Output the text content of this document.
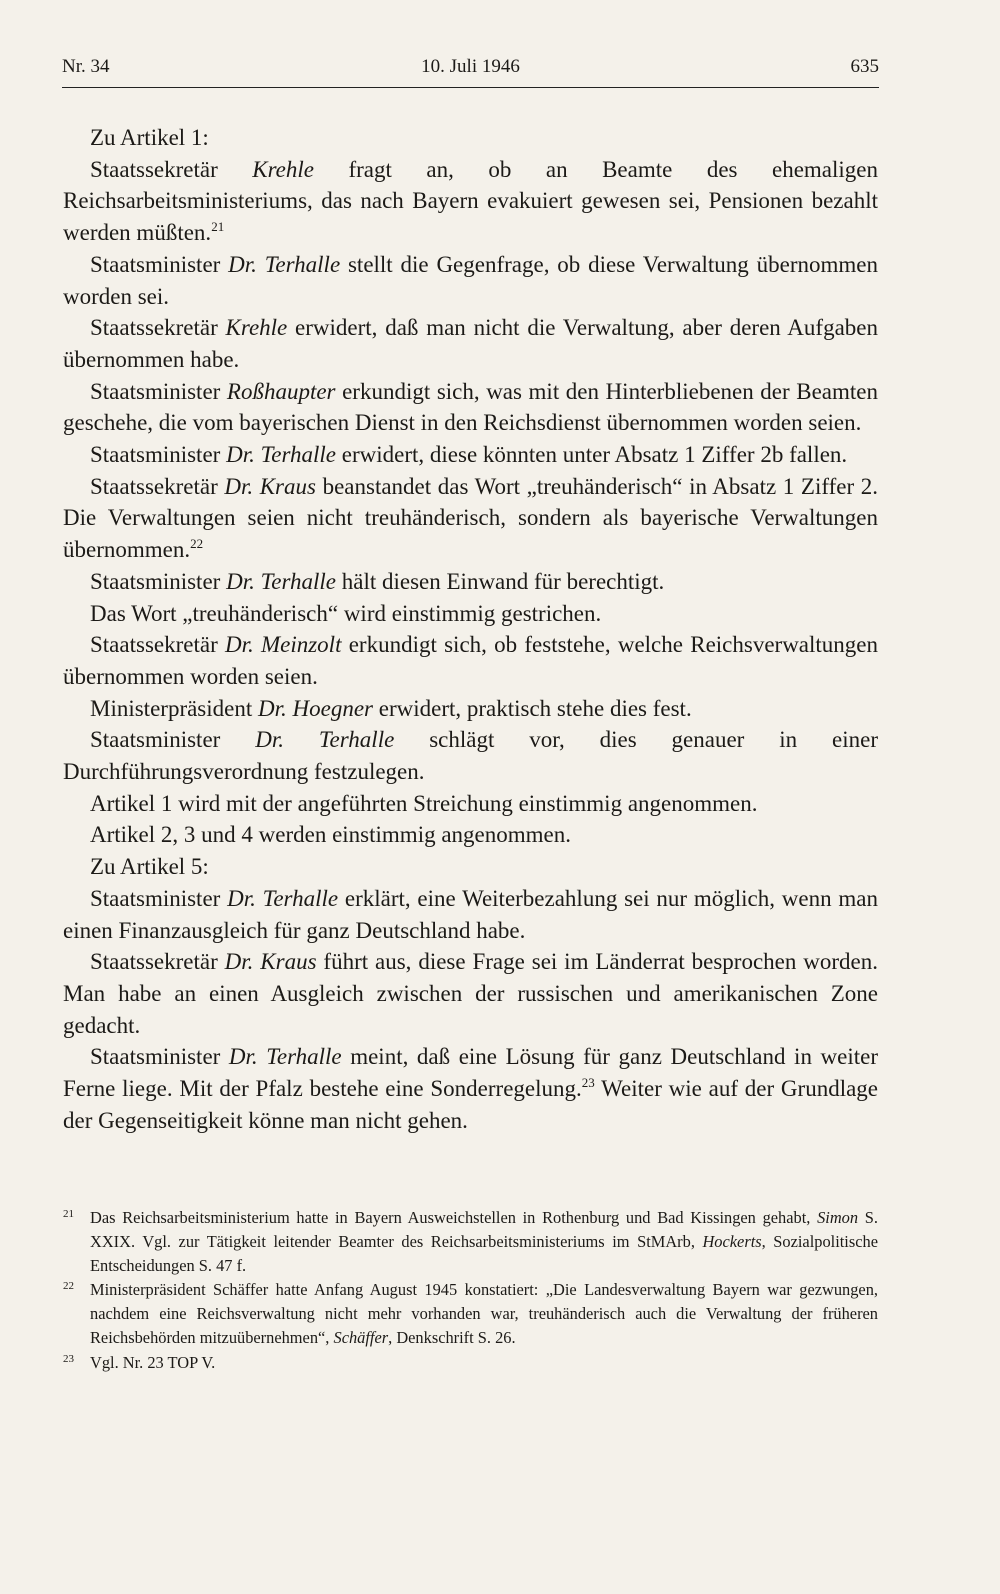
Nr. 34	10. Juli 1946	635

Zu Artikel 1:

Staatssekretär Krehle fragt an, ob an Beamte des ehemaligen Reichsarbeitsministeriums, das nach Bayern evakuiert gewesen sei, Pensionen bezahlt werden müßten.$^{21}$

Staatsminister Dr. Terhalle stellt die Gegenfrage, ob diese Verwaltung übernommen worden sei.

Staatssekretär Krehle erwidert, daß man nicht die Verwaltung, aber deren Aufgaben übernommen habe.

Staatsminister Roßhaupter erkundigt sich, was mit den Hinterbliebenen der Beamten geschehe, die vom bayerischen Dienst in den Reichsdienst übernommen worden seien.

Staatsminister Dr. Terhalle erwidert, diese könnten unter Absatz 1 Ziffer 2b fallen.

Staatssekretär Dr. Kraus beanstandet das Wort „treuhänderisch“ in Absatz 1 Ziffer 2. Die Verwaltungen seien nicht treuhänderisch, sondern als bayerische Verwaltungen übernommen.$^{22}$

Staatsminister Dr. Terhalle hält diesen Einwand für berechtigt.

Das Wort „treuhänderisch“ wird einstimmig gestrichen.

Staatssekretär Dr. Meinzolt erkundigt sich, ob feststehe, welche Reichsverwaltungen übernommen worden seien.

Ministerpräsident Dr. Hoegner erwidert, praktisch stehe dies fest.

Staatsminister Dr. Terhalle schlägt vor, dies genauer in einer Durchführungsverordnung festzulegen.

Artikel 1 wird mit der angeführten Streichung einstimmig angenommen.

Artikel 2, 3 und 4 werden einstimmig angenommen.

Zu Artikel 5:

Staatsminister Dr. Terhalle erklärt, eine Weiterbezahlung sei nur möglich, wenn man einen Finanzausgleich für ganz Deutschland habe.

Staatssekretär Dr. Kraus führt aus, diese Frage sei im Länderrat besprochen worden. Man habe an einen Ausgleich zwischen der russischen und amerikanischen Zone gedacht.

Staatsminister Dr. Terhalle meint, daß eine Lösung für ganz Deutschland in weiter Ferne liege. Mit der Pfalz bestehe eine Sonderregelung.$^{23}$ Weiter wie auf der Grundlage der Gegenseitigkeit könne man nicht gehen.

21 Das Reichsarbeitsministerium hatte in Bayern Ausweichstellen in Rothenburg und Bad Kissingen gehabt, Simon S. XXIX. Vgl. zur Tätigkeit leitender Beamter des Reichsarbeitsministeriums im StMArb, Hockerts, Sozialpolitische Entscheidungen S. 47 f.
22 Ministerpräsident Schäffer hatte Anfang August 1945 konstatiert: „Die Landesverwaltung Bayern war gezwungen, nachdem eine Reichsverwaltung nicht mehr vorhanden war, treuhänderisch auch die Verwaltung der früheren Reichsbehörden mitzuübernehmen“, Schäffer, Denkschrift S. 26.
23 Vgl. Nr. 23 TOP V.
